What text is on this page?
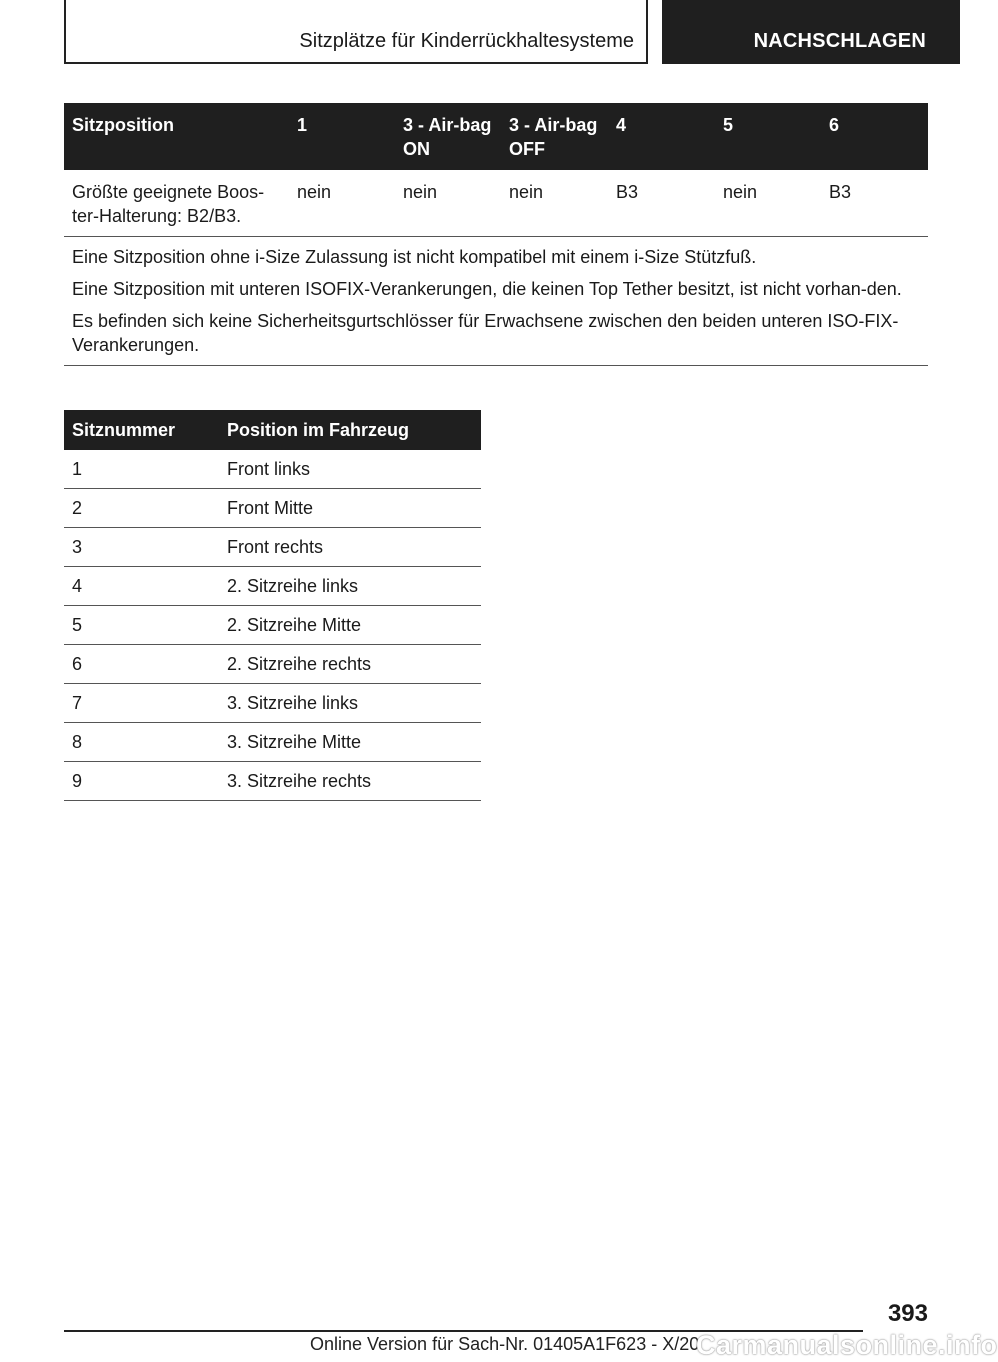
Sitzplätze für Kinderrückhaltesysteme	NACHSCHLAGEN
Sitzposition	1	3 - Air-bag ON	3 - Air-bag OFF	4	5	6
Größte geeignete Boos-ter-Halterung: B2/B3.	nein	nein	nein	B3	nein	B3

Eine Sitzposition ohne i-Size Zulassung ist nicht kompatibel mit einem i-Size Stützfuß.

Eine Sitzposition mit unteren ISOFIX-Verankerungen, die keinen Top Tether besitzt, ist nicht vorhan-den.

Es befinden sich keine Sicherheitsgurtschlösser für Erwachsene zwischen den beiden unteren ISO-FIX-Verankerungen.						

Sitznummer	Position im Fahrzeug
1	Front links
2	Front Mitte
3	Front rechts
4	2. Sitzreihe links
5	2. Sitzreihe Mitte
6	2. Sitzreihe rechts
7	3. Sitzreihe links
8	3. Sitzreihe Mitte
9	3. Sitzreihe rechts
393
Online Version für Sach-Nr. 01405A1F623 - X/20
Carmanualsonline.info
